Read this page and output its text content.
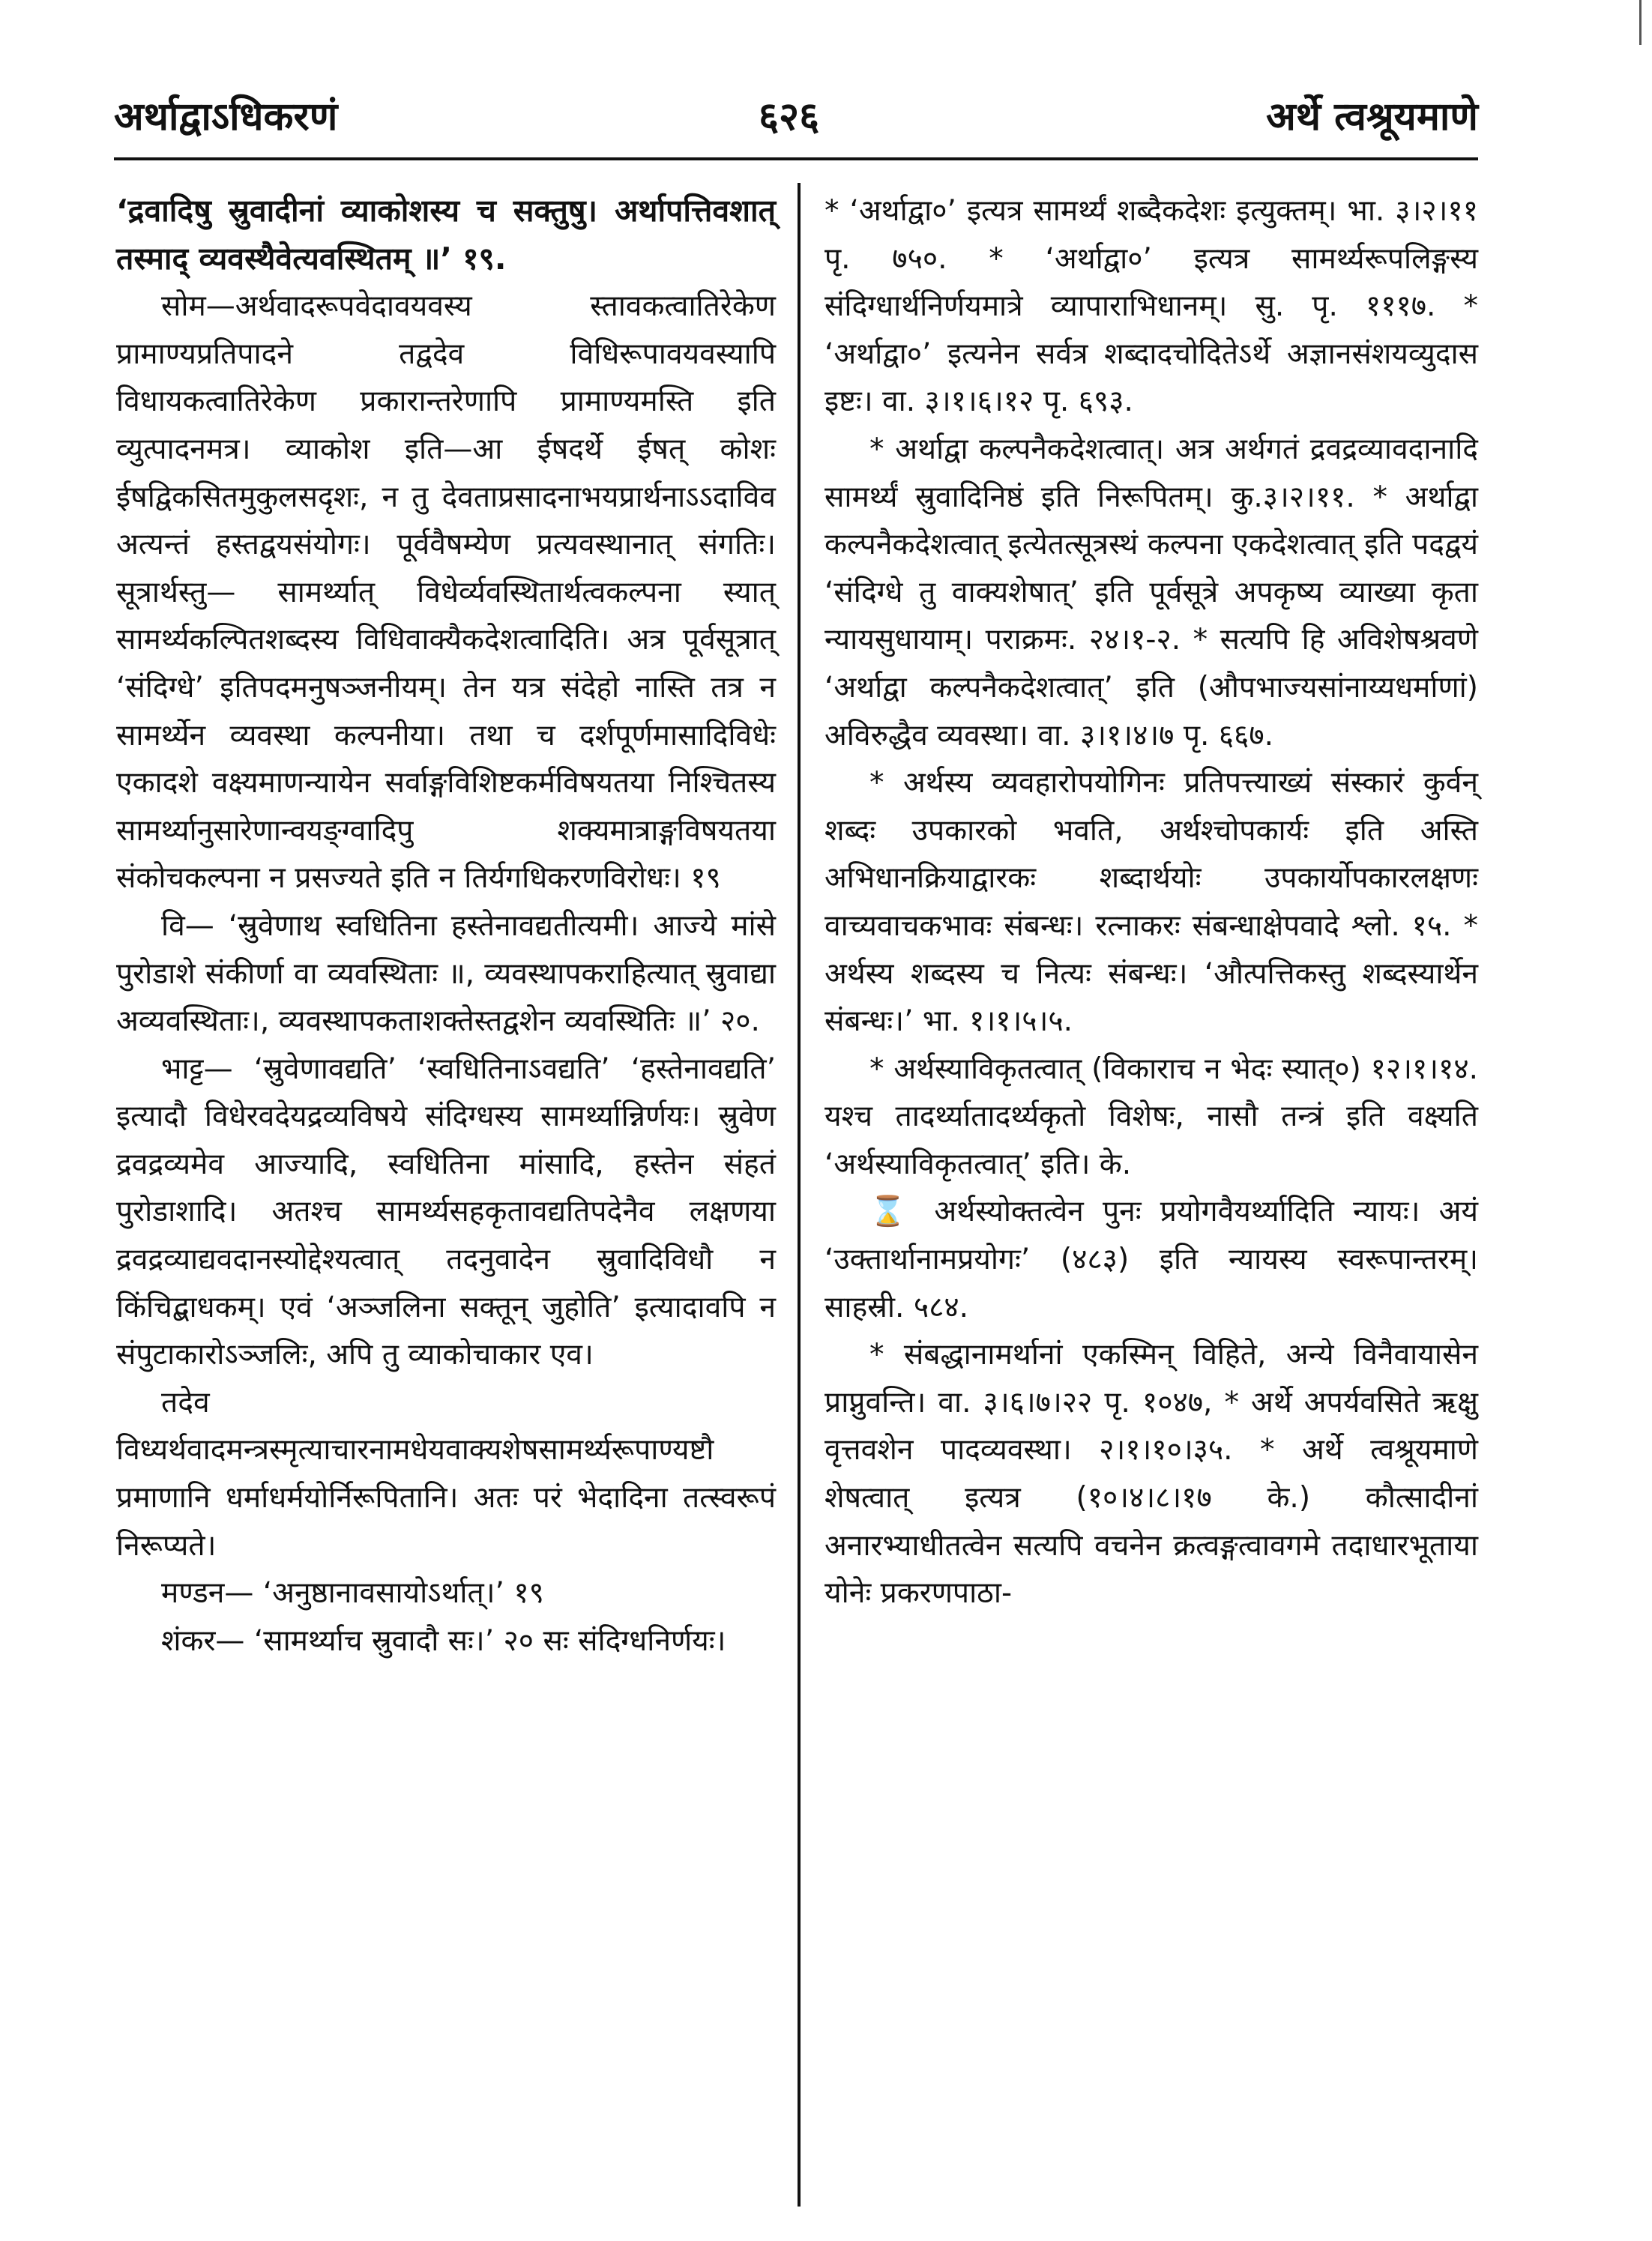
अर्थाद्वाऽधिकरणं	६२६	अर्थे त्वश्रूयमाणे

‘द्रवादिषु स्रुवादीनां व्याकोशस्य च सक्तुषु। अर्थापत्तिवशात् तस्माद् व्यवस्थैवेत्यवस्थितम् ॥’ १९.

सोम—अर्थवादरूपवेदावयवस्य स्तावकत्वातिरेकेण प्रामाण्यप्रतिपादने तद्वदेव विधिरूपावयवस्यापि विधायकत्वातिरेकेण प्रकारान्तरेणापि प्रामाण्यमस्ति इति व्युत्पादनमत्र। व्याकोश इति—आ ईषदर्थे ईषत् कोशः ईषद्विकसितमुकुलसदृशः, न तु देवताप्रसादनाभयप्रार्थनाऽऽदाविव अत्यन्तं हस्तद्वयसंयोगः। पूर्ववैषम्येण प्रत्यवस्थानात् संगतिः। सूत्रार्थस्तु— सामर्थ्यात् विधेर्व्यवस्थितार्थत्वकल्पना स्यात् सामर्थ्यकल्पितशब्दस्य विधिवाक्यैकदेशत्वादिति। अत्र पूर्वसूत्रात् ‘संदिग्धे’ इतिपदमनुषञ्जनीयम्। तेन यत्र संदेहो नास्ति तत्र न सामर्थ्येन व्यवस्था कल्पनीया। तथा च दर्शपूर्णमासादिविधेः एकादशे वक्ष्यमाणन्यायेन सर्वाङ्गविशिष्टकर्मविषयतया निश्चितस्य सामर्थ्यानुसारेणान्वयङ्ग्वादिपु शक्यमात्राङ्गविषयतया संकोचकल्पना न प्रसज्यते इति न तिर्यगधिकरणविरोधः। १९

वि— ‘स्रुवेणाथ स्वधितिना हस्तेनावद्यतीत्यमी। आज्ये मांसे पुरोडाशे संकीर्णा वा व्यवस्थिताः ॥, व्यवस्थापकराहित्यात् स्रुवाद्या अव्यवस्थिताः।, व्यवस्थापकताशक्तेस्तद्वशेन व्यवस्थितिः ॥’ २०.

भाट्ट— ‘स्रुवेणावद्यति’ ‘स्वधितिनाऽवद्यति’ ‘हस्तेनावद्यति’ इत्यादौ विधेरवदेयद्रव्यविषये संदिग्धस्य सामर्थ्यान्निर्णयः। स्रुवेण द्रवद्रव्यमेव आज्यादि, स्वधितिना मांसादि, हस्तेन संहतं पुरोडाशादि। अतश्च सामर्थ्यसहकृतावद्यतिपदेनैव लक्षणया द्रवद्रव्याद्यवदानस्योद्देश्यत्वात् तदनुवादेन स्रुवादिविधौ न किंचिद्बाधकम्। एवं ‘अञ्जलिना सक्तून् जुहोति’ इत्यादावपि न संपुटाकारोऽञ्जलिः, अपि तु व्याकोचाकार एव।

तदेव विध्यर्थवादमन्त्रस्मृत्याचारनामधेयवाक्यशेषसामर्थ्यरूपाण्यष्टौ प्रमाणानि धर्माधर्मयोर्निरूपितानि। अतः परं भेदादिना तत्स्वरूपं निरूप्यते।

मण्डन— ‘अनुष्ठानावसायोऽर्थात्।’ १९

शंकर— ‘सामर्थ्याच स्रुवादौ सः।’ २० सः संदिग्धनिर्णयः।

* ‘अर्थाद्वा०’ इत्यत्र सामर्थ्यं शब्दैकदेशः इत्युक्तम्। भा. ३।२।११ पृ. ७५०. * ‘अर्थाद्वा०’ इत्यत्र सामर्थ्यरूपलिङ्गस्य संदिग्धार्थनिर्णयमात्रे व्यापाराभिधानम्। सु. पृ. १११७. * ‘अर्थाद्वा०’ इत्यनेन सर्वत्र शब्दादचोदितेऽर्थे अज्ञानसंशयव्युदास इष्टः। वा. ३।१।६।१२ पृ. ६९३.

* अर्थाद्वा कल्पनैकदेशत्वात्। अत्र अर्थगतं द्रवद्रव्यावदानादि सामर्थ्यं स्रुवादिनिष्ठं इति निरूपितम्। कु.३।२।११. * अर्थाद्वा कल्पनैकदेशत्वात् इत्येतत्सूत्रस्थं कल्पना एकदेशत्वात् इति पदद्वयं ‘संदिग्धे तु वाक्यशेषात्’ इति पूर्वसूत्रे अपकृष्य व्याख्या कृता न्यायसुधायाम्। पराक्रमः. २४।१-२. * सत्यपि हि अविशेषश्रवणे ‘अर्थाद्वा कल्पनैकदेशत्वात्’ इति (औपभाज्यसांनाय्यधर्माणां) अविरुद्धैव व्यवस्था। वा. ३।१।४।७ पृ. ६६७.

* अर्थस्य व्यवहारोपयोगिनः प्रतिपत्त्याख्यं संस्कारं कुर्वन् शब्दः उपकारको भवति, अर्थश्चोपकार्यः इति अस्ति अभिधानक्रियाद्वारकः शब्दार्थयोः उपकार्योपकारलक्षणः वाच्यवाचकभावः संबन्धः। रत्नाकरः संबन्धाक्षेपवादे श्लो. १५. * अर्थस्य शब्दस्य च नित्यः संबन्धः। ‘औत्पत्तिकस्तु शब्दस्यार्थेन संबन्धः।’ भा. १।१।५।५.

* अर्थस्याविकृतत्वात् (विकाराच न भेदः स्यात्०) १२।१।१४. यश्च तादर्थ्यातादर्थ्यकृतो विशेषः, नासौ तन्त्रं इति वक्ष्यति ‘अर्थस्याविकृतत्वात्’ इति। के.

⌛ अर्थस्योक्तत्वेन पुनः प्रयोगवैयर्थ्यादिति न्यायः। अयं ‘उक्तार्थानामप्रयोगः’ (४८३) इति न्यायस्य स्वरूपान्तरम्। साहस्री. ५८४.

* संबद्धानामर्थानां एकस्मिन् विहिते, अन्ये विनैवायासेन प्राप्नुवन्ति। वा. ३।६।७।२२ पृ. १०४७, * अर्थे अपर्यवसिते ऋक्षु वृत्तवशेन पादव्यवस्था। २।१।१०।३५. * अर्थे त्वश्रूयमाणे शेषत्वात् इत्यत्र (१०।४।८।१७ के.) कौत्सादीनां अनारभ्याधीतत्वेन सत्यपि वचनेन क्रत्वङ्गत्वावगमे तदाधारभूताया योनेः प्रकरणपाठा-
